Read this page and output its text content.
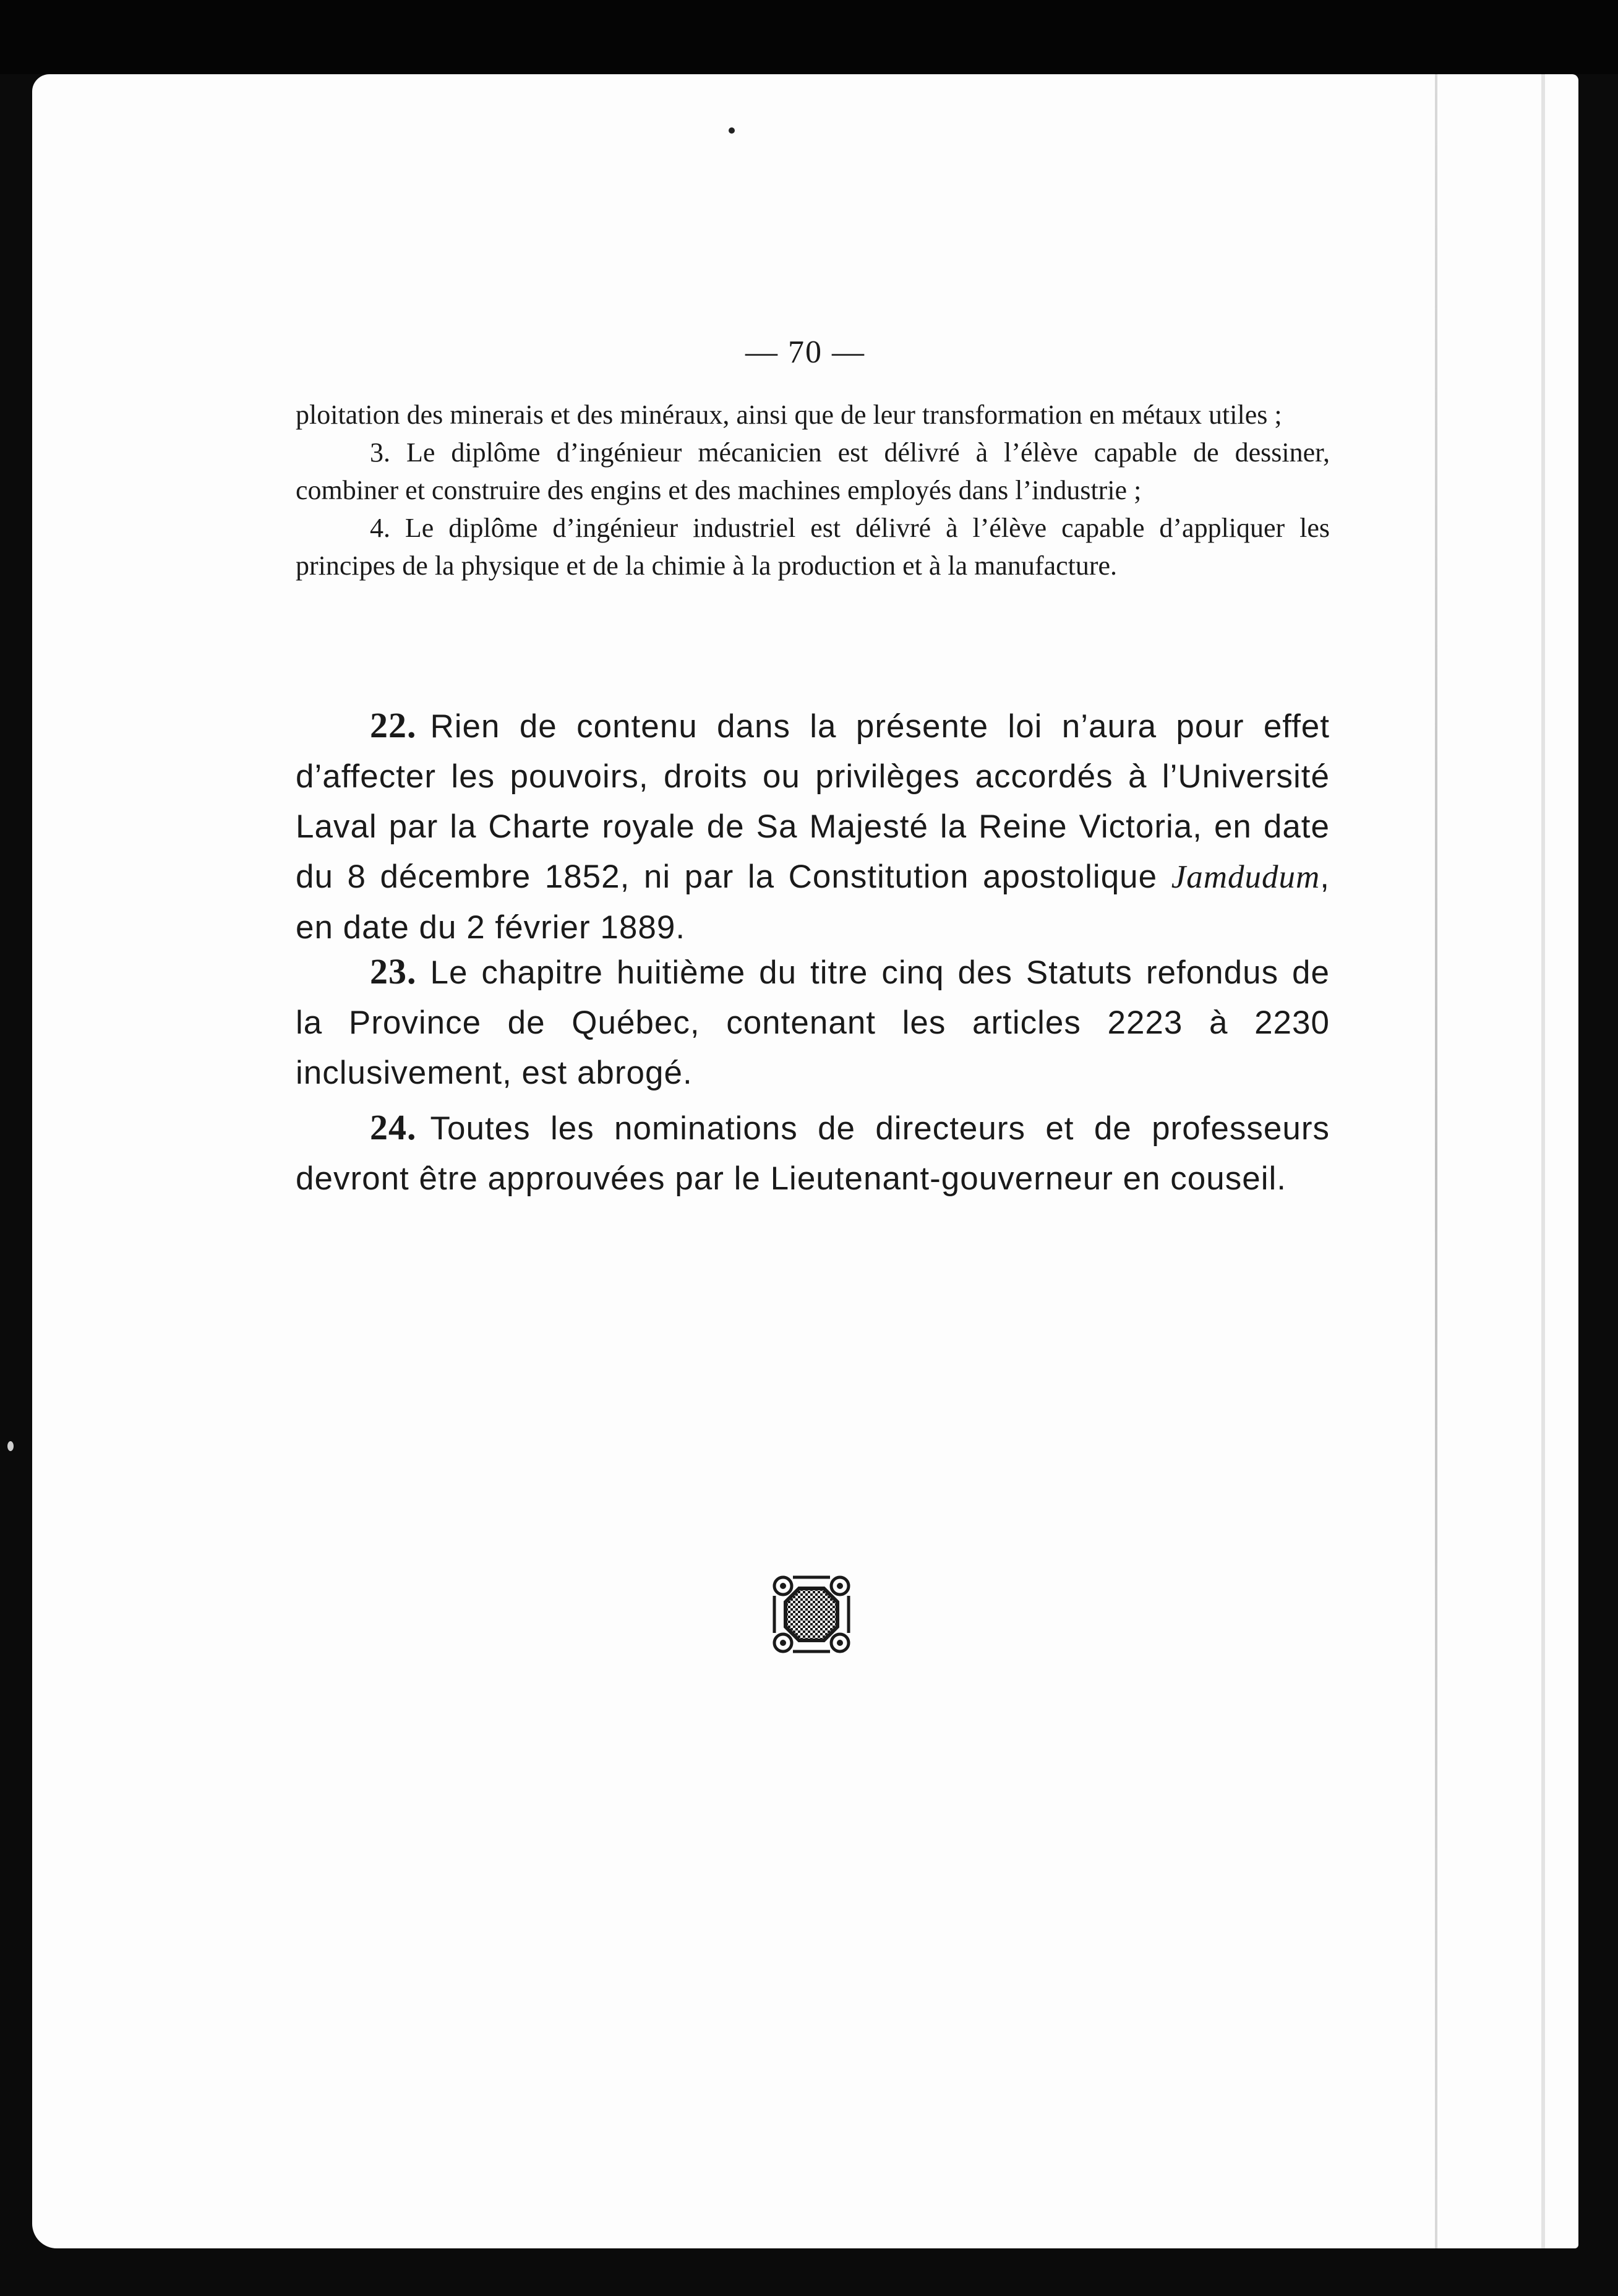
— 70 —

ploitation des minerais et des minéraux, ainsi que de leur transformation en métaux utiles ;

3. Le diplôme d’ingénieur mécanicien est délivré à l’élève capable de dessiner, combiner et construire des engins et des machines employés dans l’industrie ;

4. Le diplôme d’ingénieur industriel est délivré à l’élève capable d’appliquer les principes de la physique et de la chimie à la production et à la manufacture.

22. Rien de contenu dans la présente loi n’aura pour effet d’affecter les pouvoirs, droits ou privilèges accordés à l’Université Laval par la Charte royale de Sa Majesté la Reine Victoria, en date du 8 décembre 1852, ni par la Constitution apostolique Jamdudum, en date du 2 février 1889.

23. Le chapitre huitième du titre cinq des Statuts refondus de la Province de Québec, contenant les articles 2223 à 2230 inclusivement, est abrogé.

24. Toutes les nominations de directeurs et de professeurs devront être approuvées par le Lieutenant-gouverneur en couseil.
